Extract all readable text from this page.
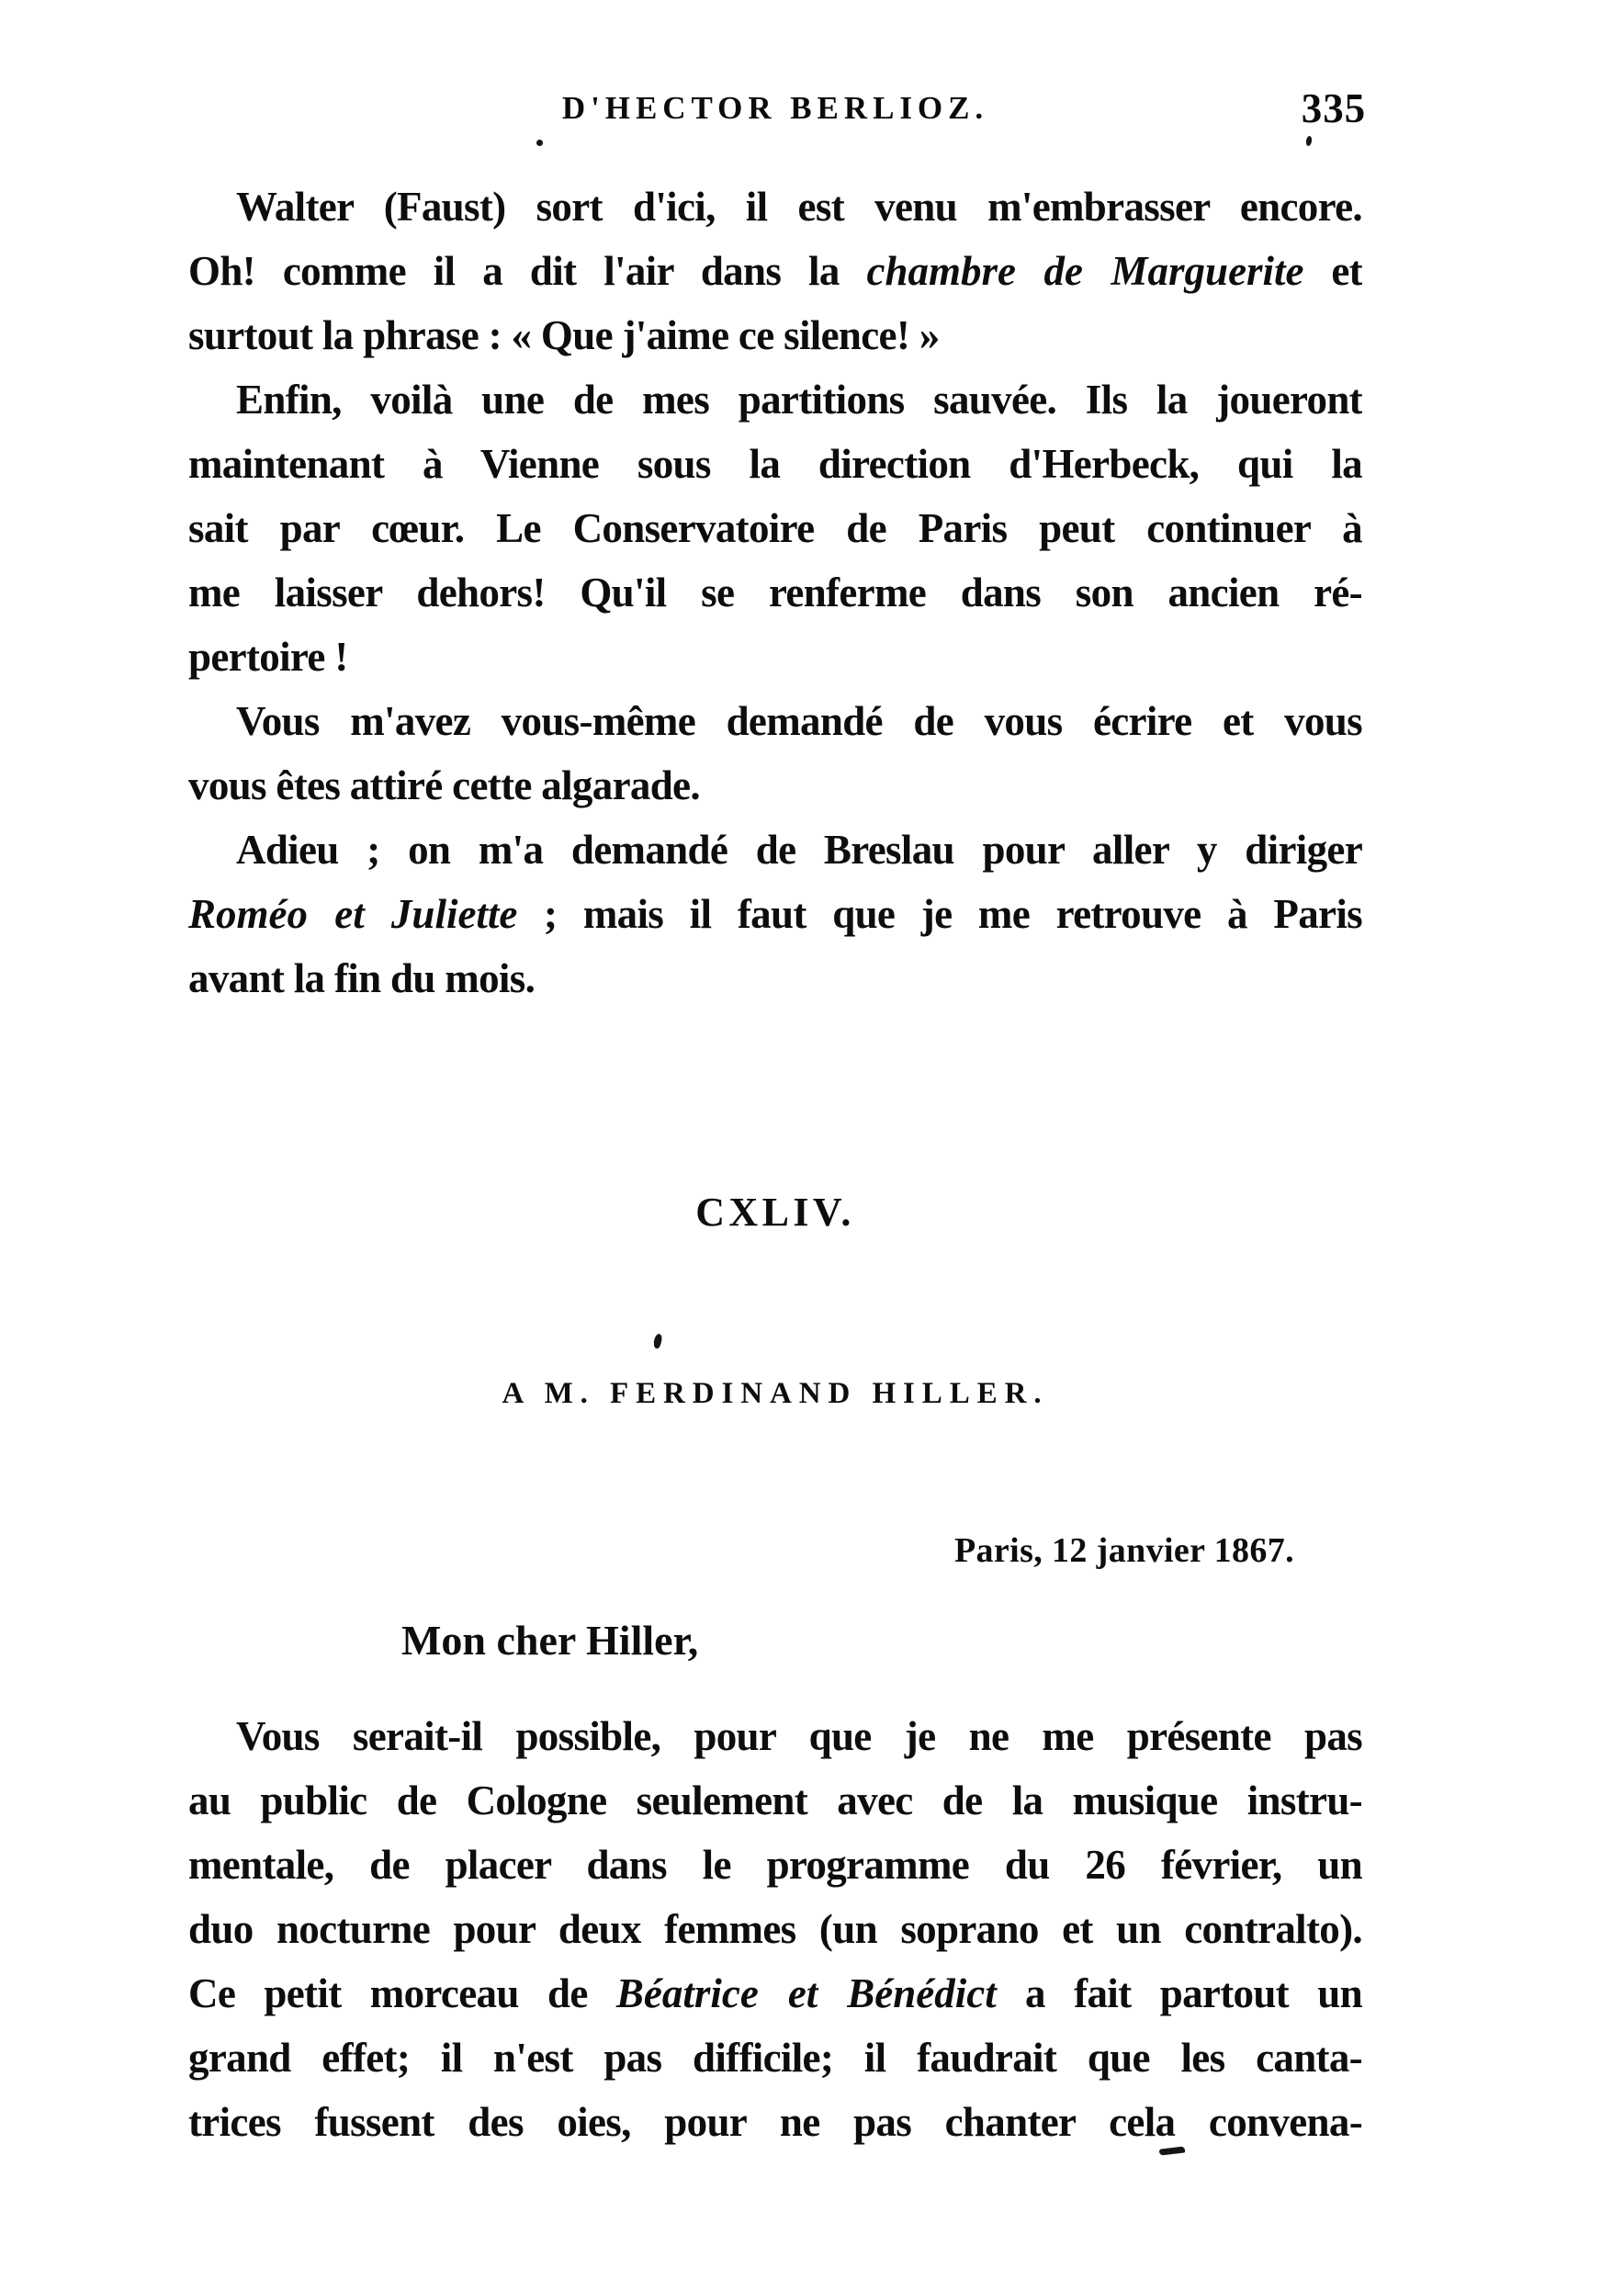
D'HECTOR BERLIOZ.	335
Walter (Faust) sort d'ici, il est venu m'embrasser encore.
Oh! comme il a dit l'air dans la chambre de Marguerite et
surtout la phrase : « Que j'aime ce silence! »
Enfin, voilà une de mes partitions sauvée. Ils la joueront
maintenant à Vienne sous la direction d'Herbeck, qui la
sait par cœur. Le Conservatoire de Paris peut continuer à
me laisser dehors! Qu'il se renferme dans son ancien ré-
pertoire !
Vous m'avez vous-même demandé de vous écrire et vous
vous êtes attiré cette algarade.
Adieu ; on m'a demandé de Breslau pour aller y diriger
Roméo et Juliette ; mais il faut que je me retrouve à Paris
avant la fin du mois.
CXLIV.
A M. FERDINAND HILLER.
Paris, 12 janvier 1867.
Mon cher Hiller,
Vous serait-il possible, pour que je ne me présente pas
au public de Cologne seulement avec de la musique instru-
mentale, de placer dans le programme du 26 février, un
duo nocturne pour deux femmes (un soprano et un contralto).
Ce petit morceau de Béatrice et Bénédict a fait partout un
grand effet; il n'est pas difficile; il faudrait que les canta-
trices fussent des oies, pour ne pas chanter cela convena-
